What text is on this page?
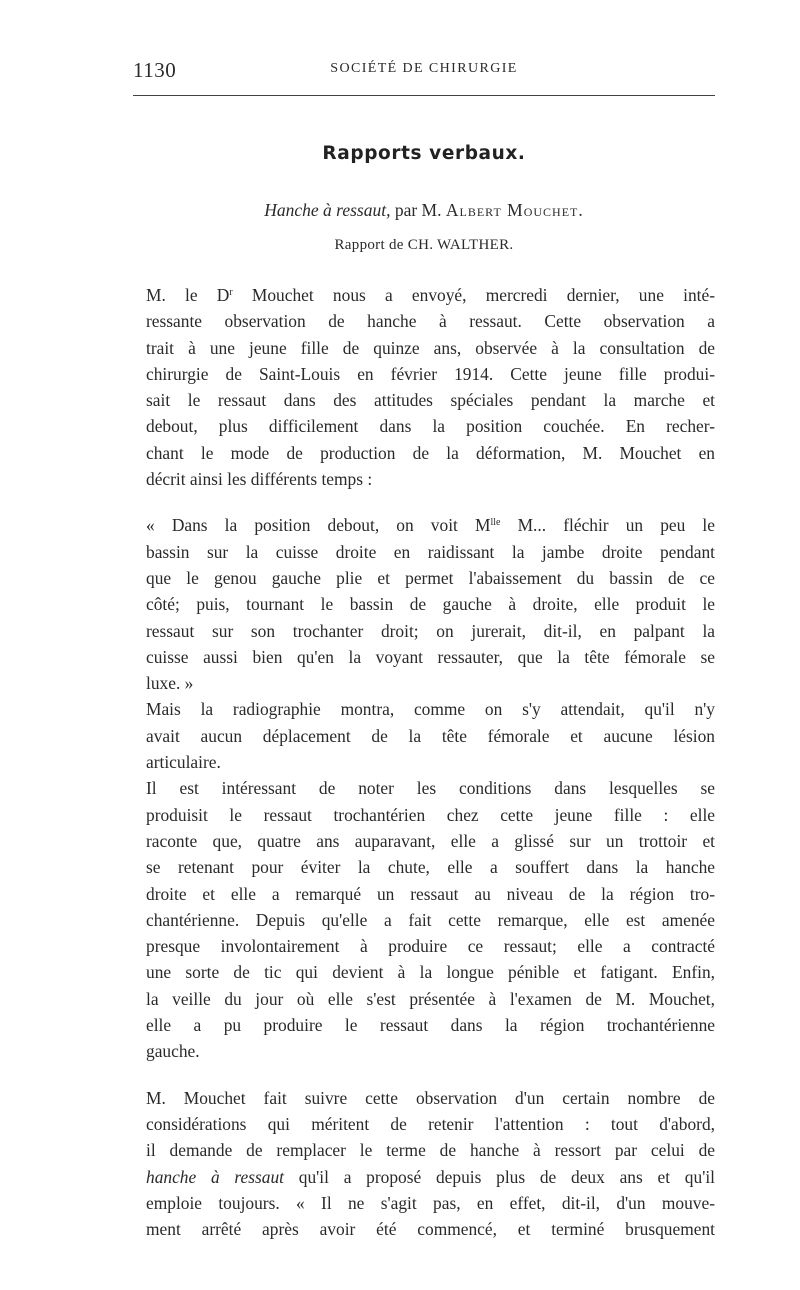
1130	SOCIÉTÉ DE CHIRURGIE
Rapports verbaux.
Hanche à ressaut, par M. Albert Mouchet.
Rapport de CH. WALTHER.
M. le $D^r$ Mouchet nous a envoyé, mercredi dernier, une inté-
ressante observation de hanche à ressaut. Cette observation a
trait à une jeune fille de quinze ans, observée à la consultation de
chirurgie de Saint-Louis en février 1914. Cette jeune fille produi-
sait le ressaut dans des attitudes spéciales pendant la marche et
debout, plus difficilement dans la position couchée. En recher-
chant le mode de production de la déformation, M. Mouchet en
décrit ainsi les différents temps :
« Dans la position debout, on voit $M^{lle}$ M... fléchir un peu le
bassin sur la cuisse droite en raidissant la jambe droite pendant
que le genou gauche plie et permet l'abaissement du bassin de ce
côté; puis, tournant le bassin de gauche à droite, elle produit le
ressaut sur son trochanter droit; on jurerait, dit-il, en palpant la
cuisse aussi bien qu'en la voyant ressauter, que la tête fémorale se
luxe. »
Mais la radiographie montra, comme on s'y attendait, qu'il n'y
avait aucun déplacement de la tête fémorale et aucune lésion
articulaire.
Il est intéressant de noter les conditions dans lesquelles se
produisit le ressaut trochantérien chez cette jeune fille : elle
raconte que, quatre ans auparavant, elle a glissé sur un trottoir et
se retenant pour éviter la chute, elle a souffert dans la hanche
droite et elle a remarqué un ressaut au niveau de la région tro-
chantérienne. Depuis qu'elle a fait cette remarque, elle est amenée
presque involontairement à produire ce ressaut; elle a contracté
une sorte de tic qui devient à la longue pénible et fatigant. Enfin,
la veille du jour où elle s'est présentée à l'examen de M. Mouchet,
elle a pu produire le ressaut dans la région trochantérienne
gauche.
M. Mouchet fait suivre cette observation d'un certain nombre de
considérations qui méritent de retenir l'attention : tout d'abord,
il demande de remplacer le terme de hanche à ressort par celui de
hanche à ressaut qu'il a proposé depuis plus de deux ans et qu'il
emploie toujours. « Il ne s'agit pas, en effet, dit-il, d'un mouve-
ment arrêté après avoir été commencé, et terminé brusquement
